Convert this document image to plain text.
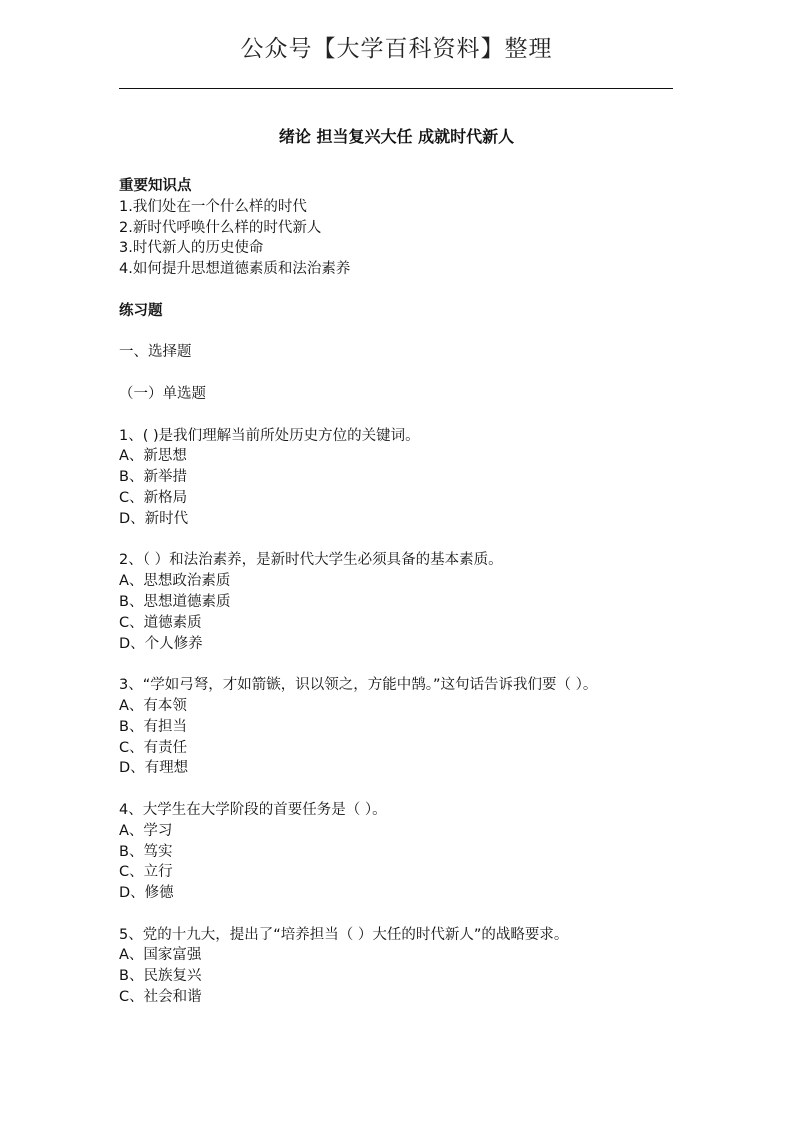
公众号【大学百科资料】整理
绪论 担当复兴大任 成就时代新人
重要知识点
1.我们处在一个什么样的时代
2.新时代呼唤什么样的时代新人
3.时代新人的历史使命
4.如何提升思想道德素质和法治素养
练习题
一、选择题
（一）单选题
1、( )是我们理解当前所处历史方位的关键词。
A、新思想
B、新举措
C、新格局
D、新时代
2、（ ）和法治素养，是新时代大学生必须具备的基本素质。
A、思想政治素质
B、思想道德素质
C、道德素质
D、个人修养
3、“学如弓弩，才如箭镞，识以领之，方能中鹄。”这句话告诉我们要（ ）。
A、有本领
B、有担当
C、有责任
D、有理想
4、大学生在大学阶段的首要任务是（ ）。
A、学习
B、笃实
C、立行
D、修德
5、党的十九大，提出了“培养担当（ ）大任的时代新人”的战略要求。
A、国家富强
B、民族复兴
C、社会和谐
